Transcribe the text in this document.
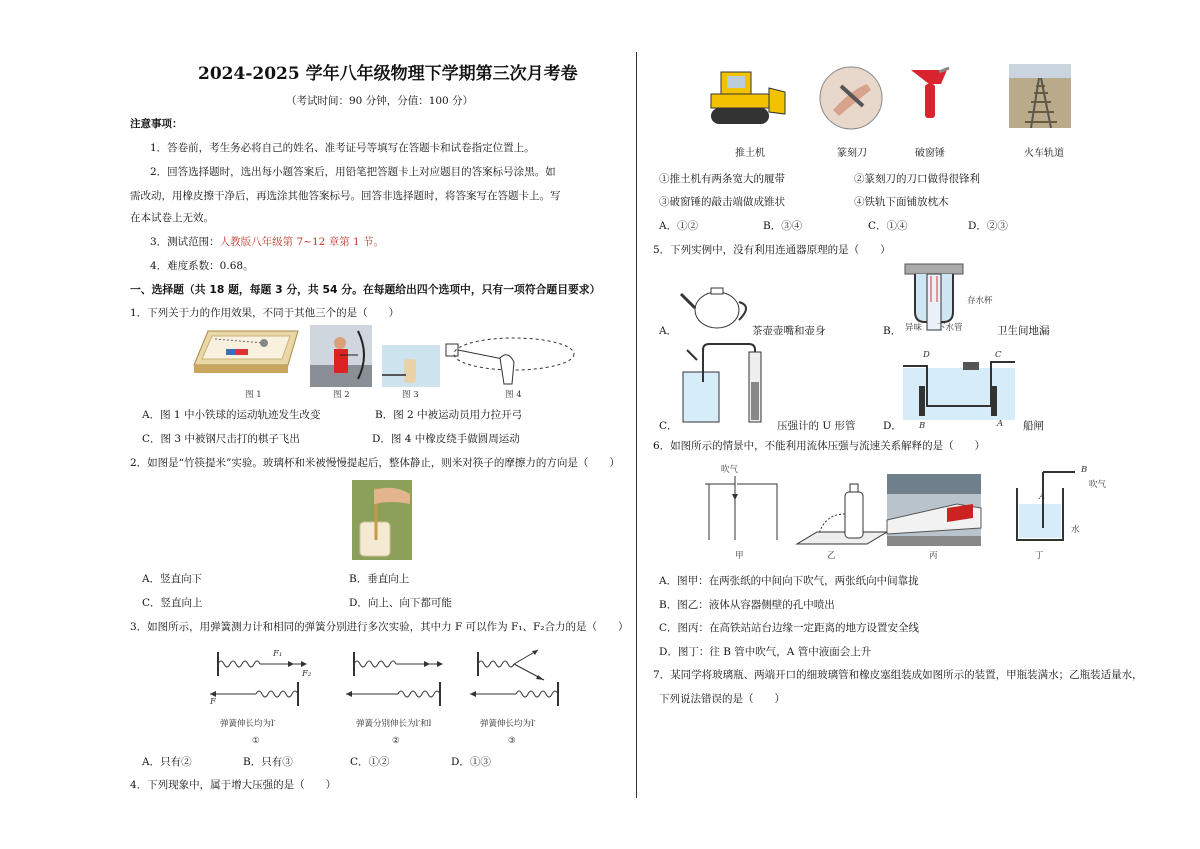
2024-2025 学年八年级物理下学期第三次月考卷
（考试时间：90 分钟，分值：100 分）
注意事项：
1．答卷前，考生务必将自己的姓名、准考证号等填写在答题卡和试卷指定位置上。
2．回答选择题时，选出每小题答案后，用铅笔把答题卡上对应题目的答案标号涂黑。如
需改动，用橡皮擦干净后，再选涂其他答案标号。回答非选择题时，将答案写在答题卡上。写
在本试卷上无效。
3．测试范围：人教版八年级第 7~12 章第 1 节。
4．难度系数：0.68。
一、选择题（共 18 题，每题 3 分，共 54 分。在每题给出四个选项中，只有一项符合题目要求）
1．下列关于力的作用效果，不同于其他三个的是（　　）
图 1	图 2	图 3	图 4
A．图 1 中小铁球的运动轨迹发生改变	B．图 2 中被运动员用力拉开弓
C．图 3 中被钢尺击打的棋子飞出	D．图 4 中橡皮绕手做圆周运动
2．如图是“竹筷提米”实验。玻璃杯和米被慢慢提起后，整体静止，则米对筷子的摩擦力的方向是（　　）
A．竖直向下	B．垂直向上
C．竖直向上	D．向上、向下都可能
3．如图所示，用弹簧测力计和相同的弹簧分别进行多次实验，其中力 F 可以作为 F₁、F₂合力的是（　　）
F₁
F₂
F
弹簧伸长均为l′	弹簧分别伸长为l′和l	弹簧伸长均为l′
①	②	③
A．只有②	B．只有③	C．①②	D．①③
4．下列现象中，属于增大压强的是（　　）
推土机	篆刻刀	破窗锤	火车轨道
①推土机有两条宽大的履带	②篆刻刀的刀口做得很锋利
③破窗锤的敲击端做成锥状	④铁轨下面铺放枕木
A．①②	B．③④	C．①④	D．②③
5．下列实例中，没有利用连通器原理的是（　　）
A．	茶壶壶嘴和壶身
存水杯
异味 下水管
B．	卫生间地漏
C．	压强计的 U 形管
D	C
B	A
D．	船闸
6．如图所示的情景中，不能利用流体压强与流速关系解释的是（　　）
吹气	B
A
吹气
水
甲	乙	丙	丁
A．图甲：在两张纸的中间向下吹气，两张纸向中间靠拢
B．图乙：液体从容器侧壁的孔中喷出
C．图丙：在高铁站站台边缘一定距离的地方设置安全线
D．图丁：往 B 管中吹气，A 管中液面会上升
7．某同学将玻璃瓶、两端开口的细玻璃管和橡皮塞组装成如图所示的装置，甲瓶装满水；乙瓶装适量水，
下列说法错误的是（　　）
